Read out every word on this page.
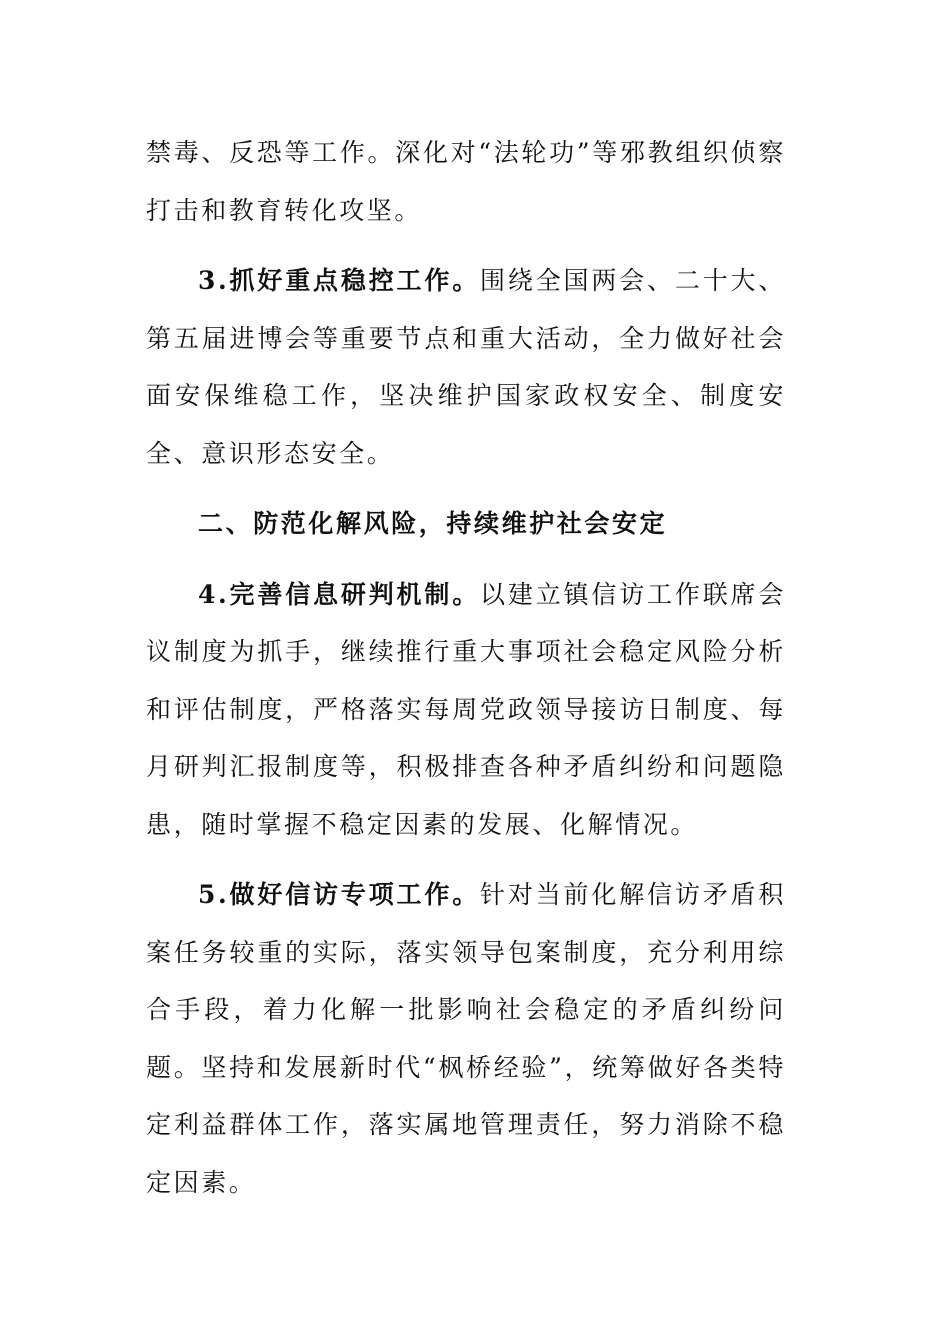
禁毒、反恐等工作。深化对“法轮功”等邪教组织侦察打击和教育转化攻坚。

3.抓好重点稳控工作。围绕全国两会、二十大、第五届进博会等重要节点和重大活动，全力做好社会面安保维稳工作，坚决维护国家政权安全、制度安全、意识形态安全。

二、防范化解风险，持续维护社会安定

4.完善信息研判机制。以建立镇信访工作联席会议制度为抓手，继续推行重大事项社会稳定风险分析和评估制度，严格落实每周党政领导接访日制度、每月研判汇报制度等，积极排查各种矛盾纠纷和问题隐患，随时掌握不稳定因素的发展、化解情况。

5.做好信访专项工作。针对当前化解信访矛盾积案任务较重的实际，落实领导包案制度，充分利用综合手段，着力化解一批影响社会稳定的矛盾纠纷问题。坚持和发展新时代“枫桥经验”，统筹做好各类特定利益群体工作，落实属地管理责任，努力消除不稳定因素。
